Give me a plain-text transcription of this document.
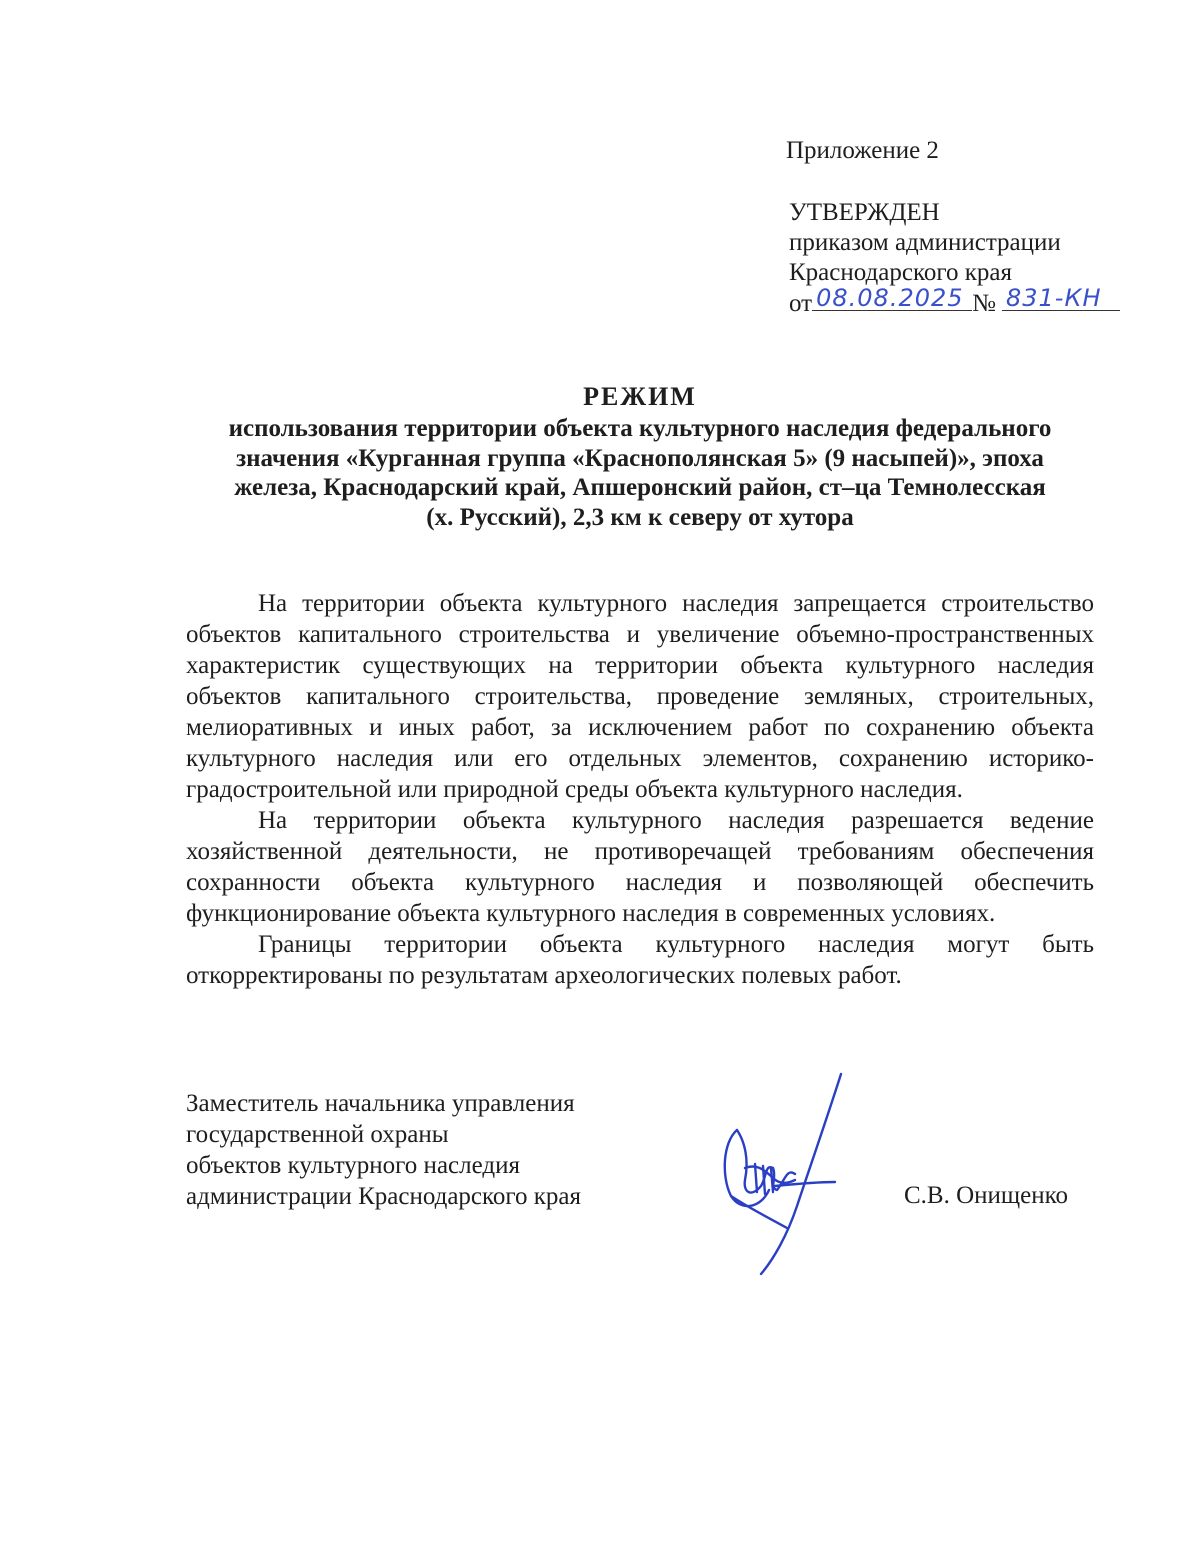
Приложение 2
УТВЕРЖДЕН
приказом администрации
Краснодарского края
от 08.08.2025 № 831-КН
РЕЖИМ
использования территории объекта культурного наследия федерального
значения «Курганная группа «Краснополянская 5» (9 насыпей)», эпоха
железа, Краснодарский край, Апшеронский район, ст–ца Темнолесская
(х. Русский), 2,3 км к северу от хутора

На территории объекта культурного наследия запрещается строительство объектов капитального строительства и увеличение объемно-пространственных характеристик существующих на территории объекта культурного наследия объектов капитального строительства, проведение земляных, строительных, мелиоративных и иных работ, за исключением работ по сохранению объекта культурного наследия или его отдельных элементов, сохранению историко-градостроительной или природной среды объекта культурного наследия.

На территории объекта культурного наследия разрешается ведение хозяйственной деятельности, не противоречащей требованиям обеспечения сохранности объекта культурного наследия и позволяющей обеспечить функционирование объекта культурного наследия в современных условиях.

Границы территории объекта культурного наследия могут быть откорректированы по результатам археологических полевых работ.

Заместитель начальника управления
государственной охраны
объектов культурного наследия
администрации Краснодарского края	С.В. Онищенко
